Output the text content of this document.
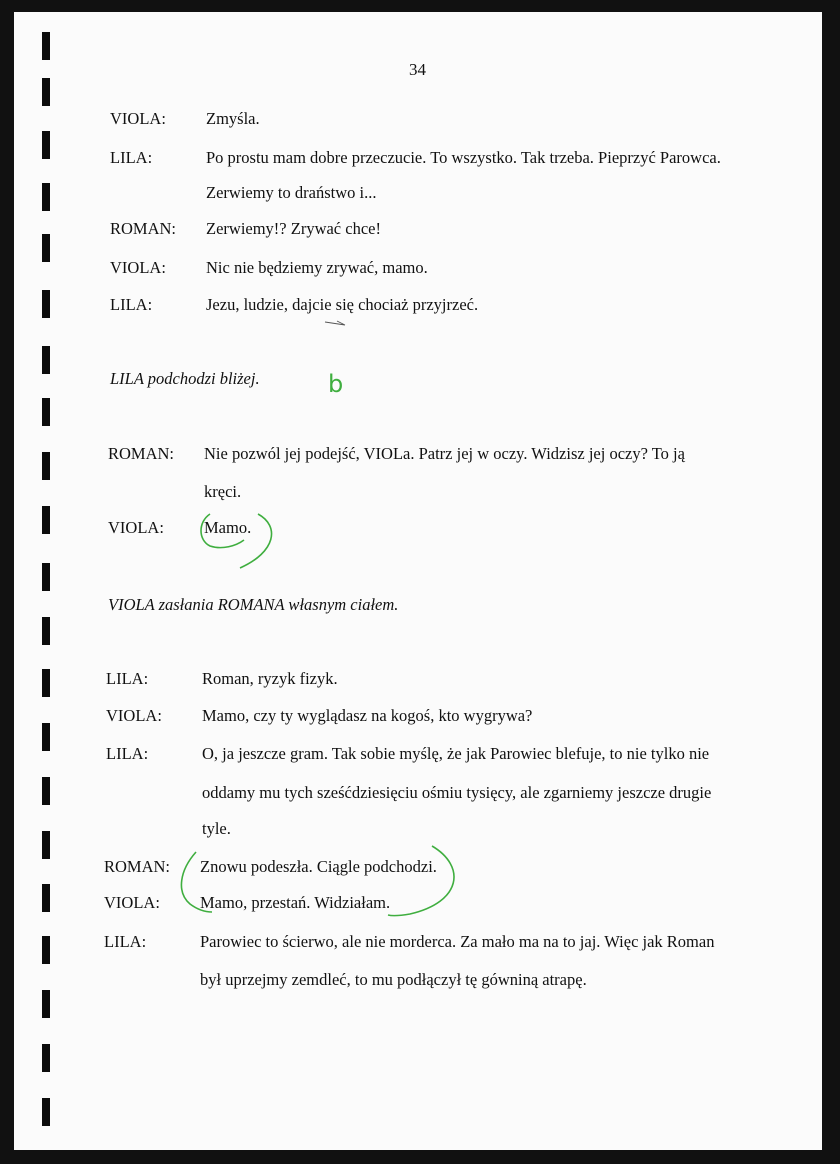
34
VIOLA: Zmyśla.
LILA:	Po prostu mam dobre przeczucie. To wszystko. Tak trzeba. Pieprzyć Parowca.
Zerwiemy to draństwo i...
ROMAN: Zerwiemy!? Zrywać chce!
VIOLA: Nic nie będziemy zrywać, mamo.
LILA:	Jezu, ludzie, dajcie się chociaż przyjrzeć.
LILA podchodzi bliżej.
ROMAN: Nie pozwól jej podejść, VIOLa. Patrz jej w oczy. Widzisz jej oczy? To ją
kręci.
VIOLA: Mamo.
VIOLA zasłania ROMANA własnym ciałem.
LILA:	Roman, ryzyk fizyk.
VIOLA: Mamo, czy ty wyglądasz na kogoś, kto wygrywa?
LILA:	O, ja jeszcze gram. Tak sobie myślę, że jak Parowiec blefuje, to nie tylko nie
oddamy mu tych sześćdziesięciu ośmiu tysięcy, ale zgarniemy jeszcze drugie
tyle.
ROMAN: Znowu podeszła. Ciągle podchodzi.
VIOLA: Mamo, przestań. Widziałam.
LILA:	Parowiec to ścierwo, ale nie morderca. Za mało ma na to jaj. Więc jak Roman
był uprzejmy zemdleć, to mu podłączył tę gówniną atrapę.
b
